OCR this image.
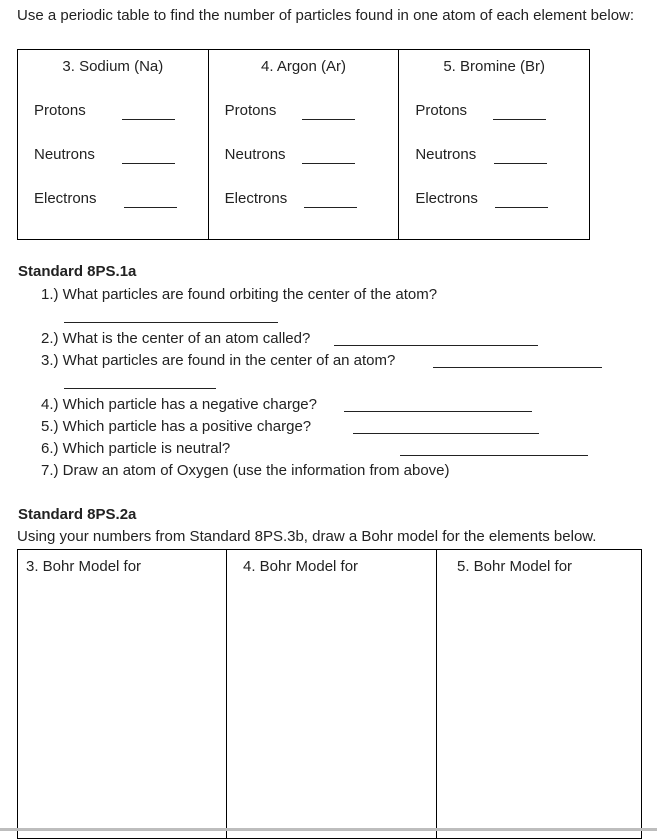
Use a periodic table to find the number of particles found in one atom of each element below:
3. Sodium (Na)
Protons
Neutrons
Electrons
4. Argon (Ar)
Protons
Neutrons
Electrons
5. Bromine (Br)
Protons
Neutrons
Electrons
Standard 8PS.1a
1.) What particles are found orbiting the center of the atom?
2.) What is the center of an atom called?
3.) What particles are found in the center of an atom?
4.) Which particle has a negative charge?
5.) Which particle has a positive charge?
6.) Which particle is neutral?
7.) Draw an atom of Oxygen (use the information from above)
Standard 8PS.2a
Using your numbers from Standard 8PS.3b, draw a Bohr model for the elements below.
3. Bohr Model for	4. Bohr Model for	5. Bohr Model for
